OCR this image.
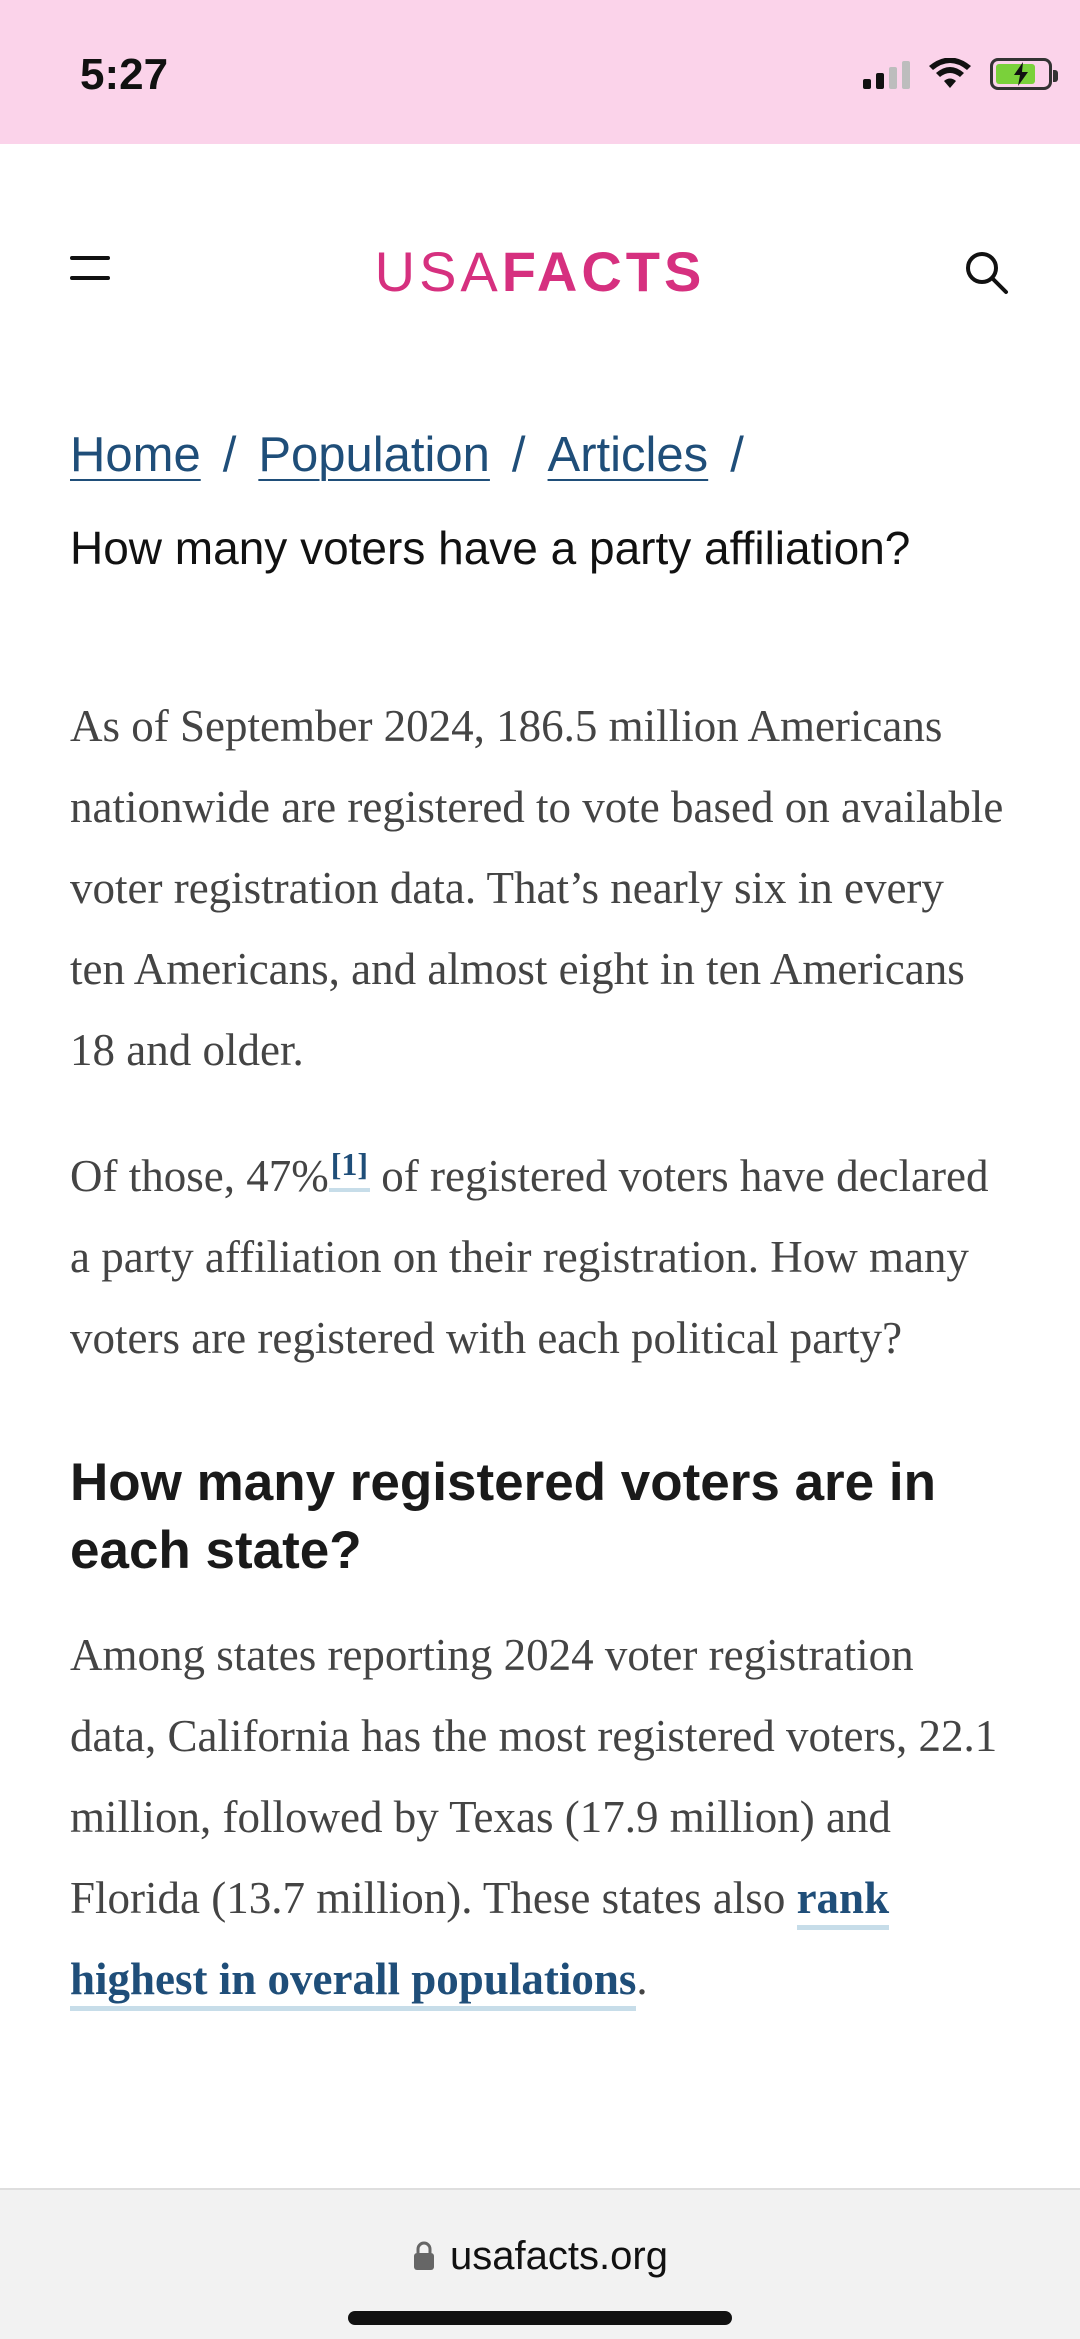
5:27
USAFACTS
Home / Population / Articles /
How many voters have a party affiliation?

As of September 2024, 186.5 million Americans nationwide are registered to vote based on available voter registration data. That’s nearly six in every ten Americans, and almost eight in ten Americans 18 and older.

Of those, 47%[1] of registered voters have declared a party affiliation on their registration. How many voters are registered with each political party?

How many registered voters are in each state?

Among states reporting 2024 voter registration data, California has the most registered voters, 22.1 million, followed by Texas (17.9 million) and Florida (13.7 million). These states also rank highest in overall populations.

usafacts.org
